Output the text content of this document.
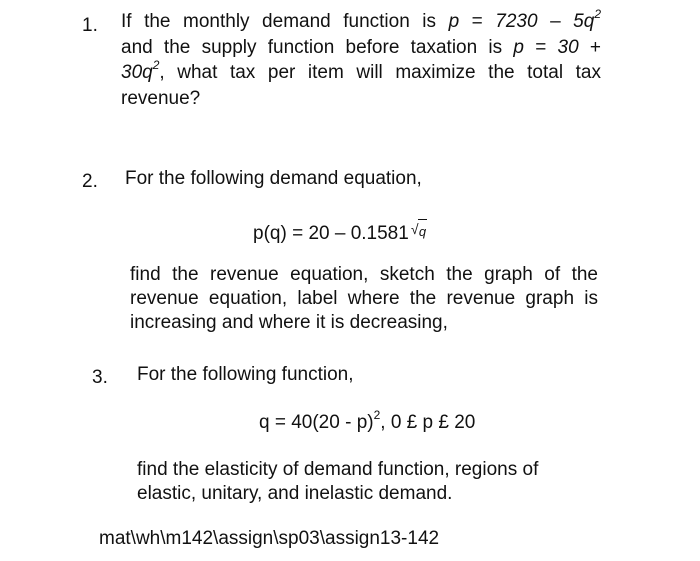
1. If the monthly demand function is $p = 7230 - 5q^2$
and the supply function before taxation is p = 30 +
$30q^2$, what tax per item will maximize the total tax
revenue?
2. For the following demand equation,
p(q) = 20 – 0.1581√ q
find the revenue equation, sketch the graph of the
revenue equation, label where the revenue graph is
increasing and where it is decreasing,
3. For the following function,
q = 40(20 - p)$^2$, 0 £ p £ 20
find the elasticity of demand function, regions of
elastic, unitary, and inelastic demand.
mat\wh\m142\assign\sp03\assign13-142
